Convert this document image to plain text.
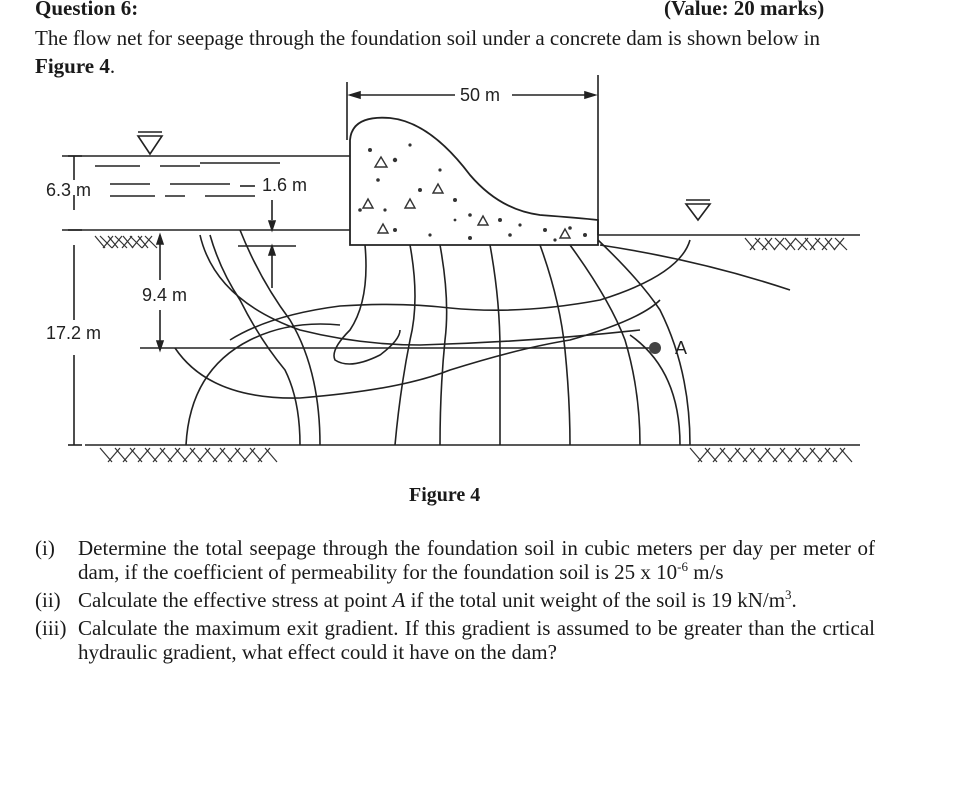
Question 6:	(Value: 20 marks)
The flow net for seepage through the foundation soil under a concrete dam is shown below in Figure 4.
50 m
6.3 m	1.6 m
9.4 m
17.2 m
A
Figure 4
(i) Determine the total seepage through the foundation soil in cubic meters per day per meter of dam, if the coefficient of permeability for the foundation soil is 25 x $10^{-6}$ m/s
(ii) Calculate the effective stress at point A if the total unit weight of the soil is 19 $kN/m^3$.
(iii) Calculate the maximum exit gradient. If this gradient is assumed to be greater than the crtical hydraulic gradient, what effect could it have on the dam?
